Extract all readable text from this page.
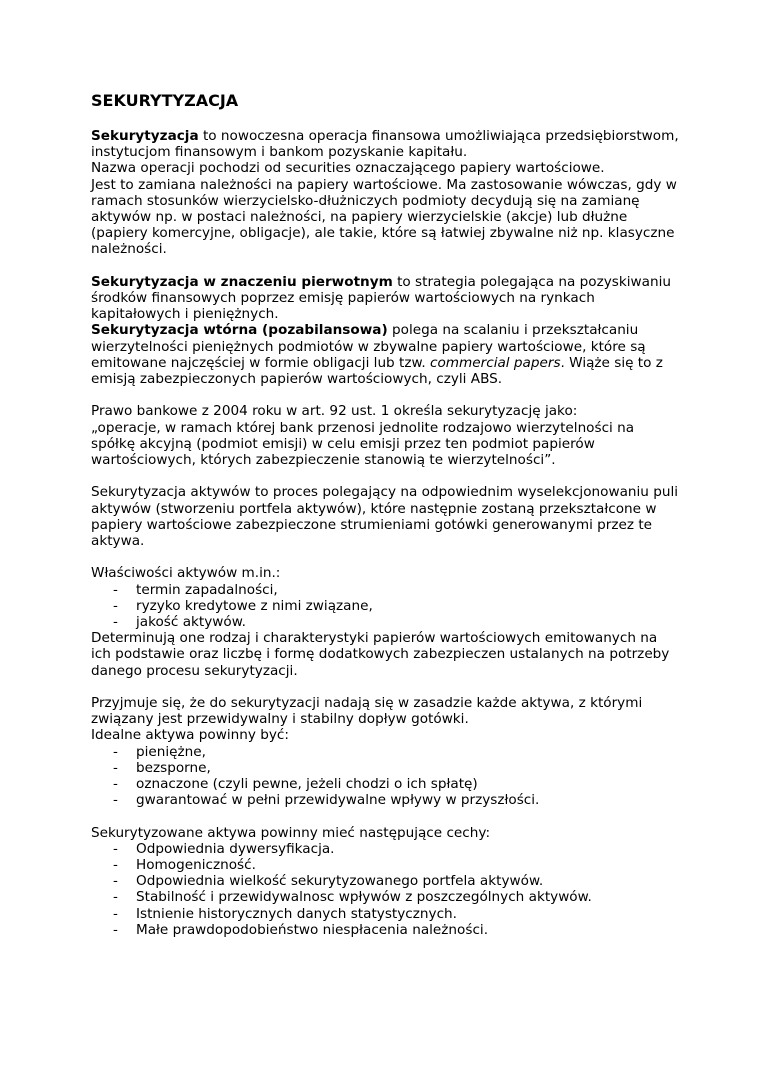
SEKURYTYZACJA

Sekurytyzacja to nowoczesna operacja finansowa umożliwiająca przedsiębiorstwom, instytucjom finansowym i bankom pozyskanie kapitału.

Nazwa operacji pochodzi od securities oznaczającego papiery wartościowe.

Jest to zamiana należności na papiery wartościowe. Ma zastosowanie wówczas, gdy w ramach stosunków wierzycielsko-dłużniczych podmioty decydują się na zamianę aktywów np. w postaci należności, na papiery wierzycielskie (akcje) lub dłużne (papiery komercyjne, obligacje), ale takie, które są łatwiej zbywalne niż np. klasyczne należności.

Sekurytyzacja w znaczeniu pierwotnym to strategia polegająca na pozyskiwaniu środków finansowych poprzez emisję papierów wartościowych na rynkach kapitałowych i pieniężnych.

Sekurytyzacja wtórna (pozabilansowa) polega na scalaniu i przekształcaniu wierzytelności pieniężnych podmiotów w zbywalne papiery wartościowe, które są emitowane najczęściej w formie obligacji lub tzw. commercial papers. Wiąże się to z emisją zabezpieczonych papierów wartościowych, czyli ABS.

Prawo bankowe z 2004 roku w art. 92 ust. 1 określa sekurytyzację jako:

„operacje, w ramach której bank przenosi jednolite rodzajowo wierzytelności na spółkę akcyjną (podmiot emisji) w celu emisji przez ten podmiot papierów wartościowych, których zabezpieczenie stanowią te wierzytelności”.

Sekurytyzacja aktywów to proces polegający na odpowiednim wyselekcjonowaniu puli aktywów (stworzeniu portfela aktywów), które następnie zostaną przekształcone w papiery wartościowe zabezpieczone strumieniami gotówki generowanymi przez te aktywa.

Właściwości aktywów m.in.:

- termin zapadalności,
- ryzyko kredytowe z nimi związane,
- jakość aktywów.

Determinują one rodzaj i charakterystyki papierów wartościowych emitowanych na ich podstawie oraz liczbę i formę dodatkowych zabezpieczen ustalanych na potrzeby danego procesu sekurytyzacji.

Przyjmuje się, że do sekurytyzacji nadają się w zasadzie każde aktywa, z którymi związany jest przewidywalny i stabilny dopływ gotówki.

Idealne aktywa powinny być:

- pieniężne,
- bezsporne,
- oznaczone (czyli pewne, jeżeli chodzi o ich spłatę)
- gwarantować w pełni przewidywalne wpływy w przyszłości.

Sekurytyzowane aktywa powinny mieć następujące cechy:

- Odpowiednia dywersyfikacja.
- Homogeniczność.
- Odpowiednia wielkość sekurytyzowanego portfela aktywów.
- Stabilność i przewidywalnosc wpływów z poszczególnych aktywów.
- Istnienie historycznych danych statystycznych.
- Małe prawdopodobieństwo niespłacenia należności.
